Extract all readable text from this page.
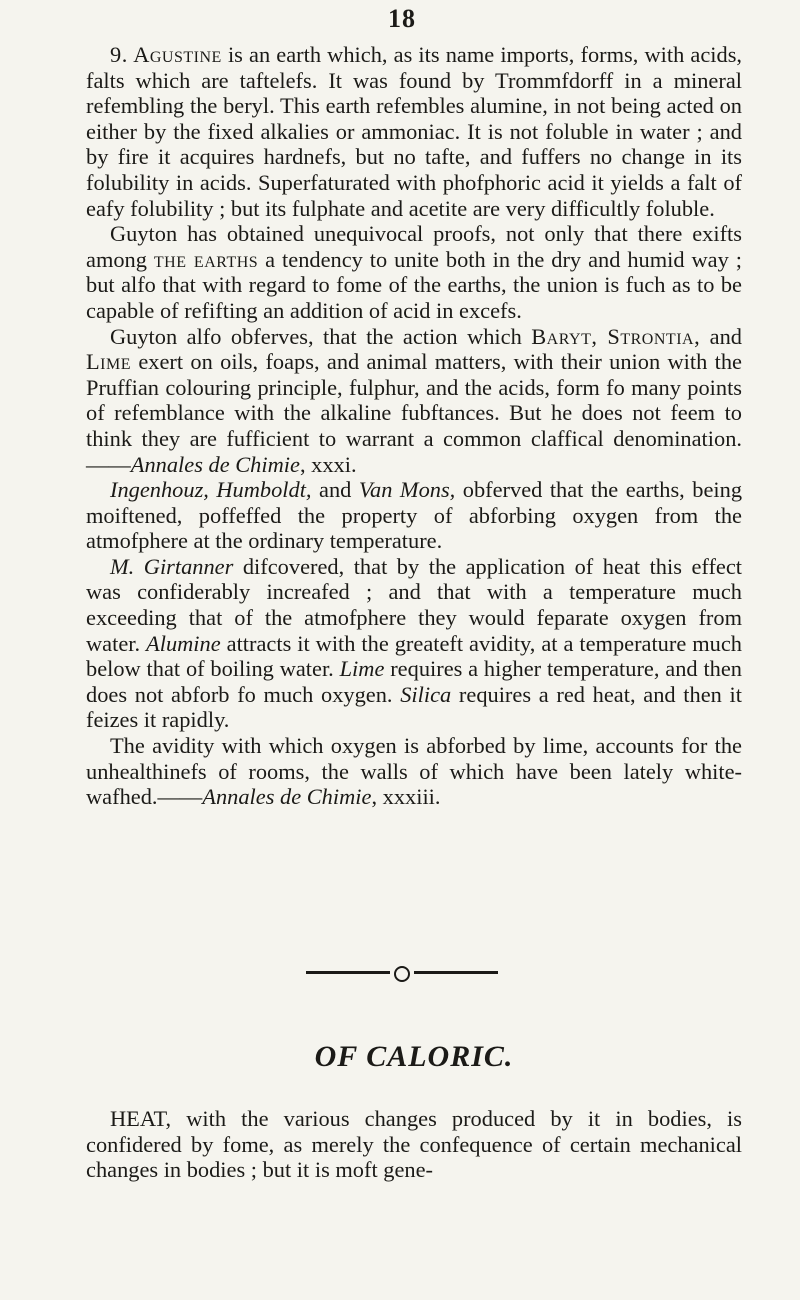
18

9. Agustine is an earth which, as its name imports, forms, with acids, falts which are taftelefs. It was found by Trommfdorff in a mineral refembling the beryl. This earth refembles alumine, in not being acted on either by the fixed alkalies or ammoniac. It is not foluble in water ; and by fire it acquires hardnefs, but no tafte, and fuffers no change in its folubility in acids. Superfaturated with phofphoric acid it yields a falt of eafy folubility ; but its fulphate and acetite are very difficultly foluble.

Guyton has obtained unequivocal proofs, not only that there exifts among the earths a tendency to unite both in the dry and humid way ; but alfo that with regard to fome of the earths, the union is fuch as to be capable of refifting an addition of acid in excefs.

Guyton alfo obferves, that the action which Baryt, Strontia, and Lime exert on oils, foaps, and animal matters, with their union with the Pruffian colouring principle, fulphur, and the acids, form fo many points of refemblance with the alkaline fubftances. But he does not feem to think they are fufficient to warrant a common claffical denomination.——Annales de Chimie, xxxi.

Ingenhouz, Humboldt, and Van Mons, obferved that the earths, being moiftened, poffeffed the property of abforbing oxygen from the atmofphere at the ordinary temperature.

M. Girtanner difcovered, that by the application of heat this effect was confiderably increafed ; and that with a temperature much exceeding that of the atmofphere they would feparate oxygen from water. Alumine attracts it with the greateft avidity, at a temperature much below that of boiling water. Lime requires a higher temperature, and then does not abforb fo much oxygen. Silica requires a red heat, and then it feizes it rapidly.

The avidity with which oxygen is abforbed by lime, accounts for the unhealthinefs of rooms, the walls of which have been lately white-wafhed.——Annales de Chimie, xxxiii.

OF CALORIC.

HEAT, with the various changes produced by it in bodies, is confidered by fome, as merely the confequence of certain mechanical changes in bodies ; but it is moft gene-
